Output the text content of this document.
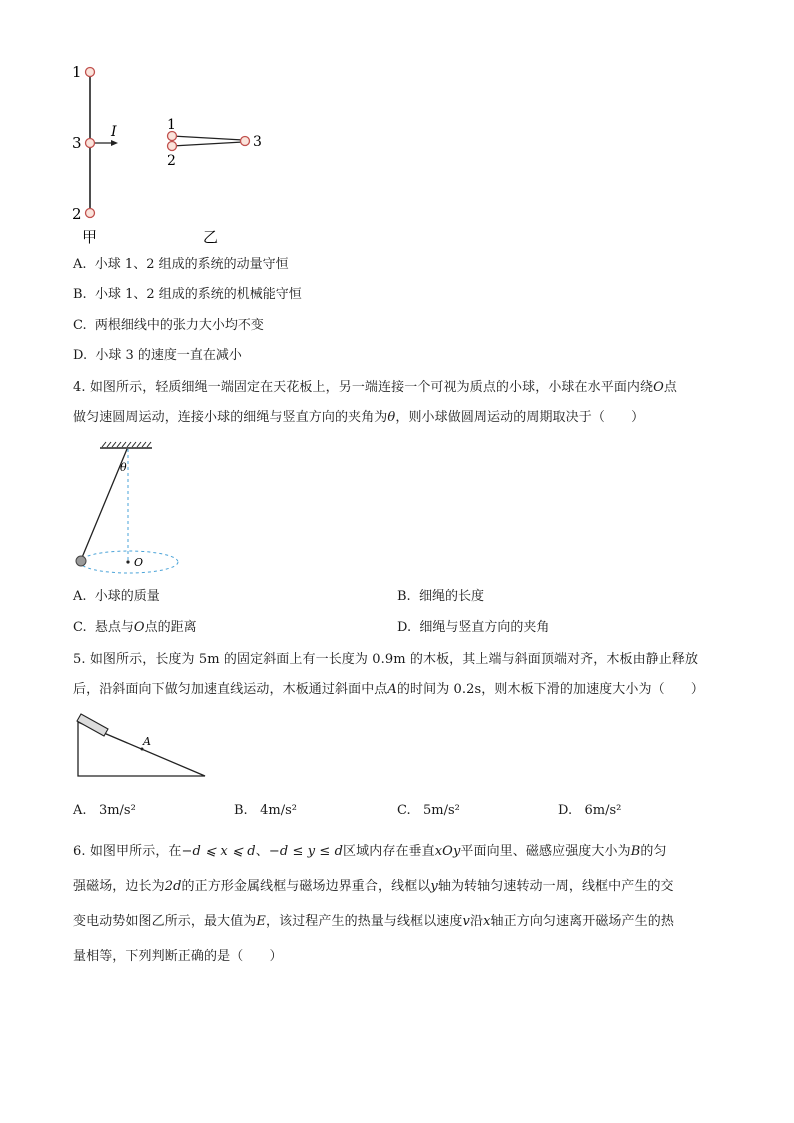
1
3
2
I
甲
1
2
3
乙
A. 小球 1、2 组成的系统的动量守恒
B. 小球 1、2 组成的系统的机械能守恒
C. 两根细线中的张力大小均不变
D. 小球 3 的速度一直在减小
4. 如图所示，轻质细绳一端固定在天花板上，另一端连接一个可视为质点的小球，小球在水平面内绕O点
做匀速圆周运动，连接小球的细绳与竖直方向的夹角为θ，则小球做圆周运动的周期取决于（　　）
θ
O
A. 小球的质量	B. 细绳的长度
C. 悬点与O点的距离	D. 细绳与竖直方向的夹角
5. 如图所示，长度为 5m 的固定斜面上有一长度为 0.9m 的木板，其上端与斜面顶端对齐，木板由静止释放
后，沿斜面向下做匀加速直线运动，木板通过斜面中点A的时间为 0.2s，则木板下滑的加速度大小为（　　）
A
A. 3m/s²	B. 4m/s²	C. 5m/s²	D. 6m/s²
6. 如图甲所示，在−d ⩽ x ⩽ d、−d ≤ y ≤ d区域内存在垂直xOy平面向里、磁感应强度大小为B的匀
强磁场，边长为2d的正方形金属线框与磁场边界重合，线框以y轴为转轴匀速转动一周，线框中产生的交
变电动势如图乙所示，最大值为E，该过程产生的热量与线框以速度v沿x轴正方向匀速离开磁场产生的热
量相等，下列判断正确的是（　　）
